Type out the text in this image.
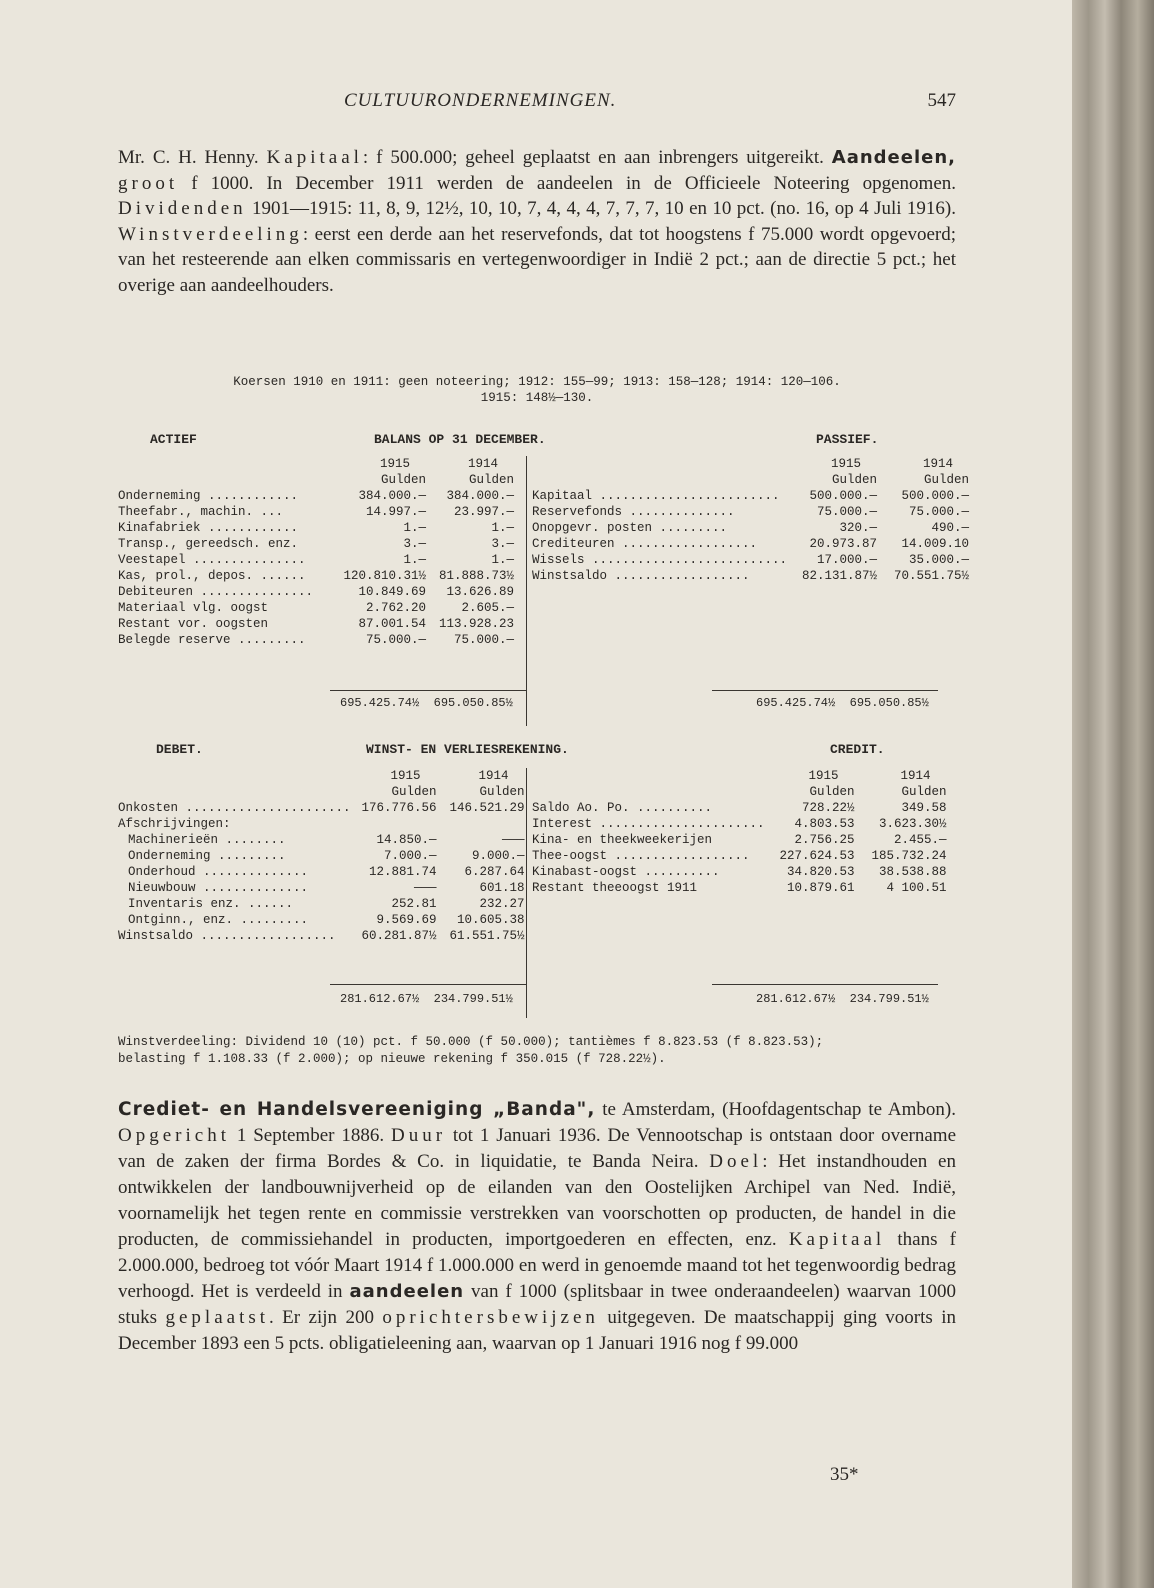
CULTUURONDERNEMINGEN.	547
Mr. C. H. Henny. Kapitaal: f 500.000; geheel geplaatst en aan inbrengers uitgereikt. Aandeelen, groot f 1000. In December 1911 werden de aandeelen in de Officieele Noteering opgenomen. Dividenden 1901—1915: 11, 8, 9, 12½, 10, 10, 7, 4, 4, 4, 7, 7, 7, 10 en 10 pct. (no. 16, op 4 Juli 1916). Winstverdeeling: eerst een derde aan het reservefonds, dat tot hoogstens f 75.000 wordt opgevoerd; van het resteerende aan elken commissaris en vertegenwoordiger in Indië 2 pct.; aan de directie 5 pct.; het overige aan aandeelhouders.
Koersen 1910 en 1911: geen noteering; 1912: 155—99; 1913: 158—128; 1914: 120—106.
1915: 148½—130.
ACTIEF	BALANS OP 31 DECEMBER.	PASSIEF.
	1915	1914
	Gulden	Gulden
Onderneming ............	384.000.—	384.000.—
Theefabr., machin. ...	14.997.—	23.997.—
Kinafabriek ............	1.—	1.—
Transp., gereedsch. enz.	3.—	3.—
Veestapel ...............	1.—	1.—
Kas, prol., depos. ......	120.810.31½	81.888.73½
Debiteuren ...............	10.849.69	13.626.89
Materiaal vlg. oogst	2.762.20	2.605.—
Restant vor. oogsten	87.001.54	113.928.23
Belegde reserve .........	75.000.—	75.000.—
	1915	1914
	Gulden	Gulden
Kapitaal ........................	500.000.—	500.000.—
Reservefonds ..............	75.000.—	75.000.—
Onopgevr. posten .........	320.—	490.—
Crediteuren ..................	20.973.87	14.009.10
Wissels ..........................	17.000.—	35.000.—
Winstsaldo ..................	82.131.87½	70.551.75½
695.425.74½ 695.050.85½	695.425.74½ 695.050.85½
DEBET.	WINST- EN VERLIESREKENING.	CREDIT.
	1915	1914
	Gulden	Gulden
Onkosten ......................	176.776.56	146.521.29
Afschrijvingen:		
Machinerieën ........	14.850.—	———
Onderneming .........	7.000.—	9.000.—
Onderhoud ..............	12.881.74	6.287.64
Nieuwbouw ..............	———	601.18
Inventaris enz. ......	252.81	232.27
Ontginn., enz. .........	9.569.69	10.605.38
Winstsaldo ..................	60.281.87½	61.551.75½
	1915	1914
	Gulden	Gulden
Saldo Ao. Po. ..........	728.22½	349.58
Interest ......................	4.803.53	3.623.30½
Kina- en theekweekerijen	2.756.25	2.455.—
Thee-oogst ..................	227.624.53	185.732.24
Kinabast-oogst ..........	34.820.53	38.538.88
Restant theeoogst 1911	10.879.61	4 100.51
281.612.67½ 234.799.51½	281.612.67½ 234.799.51½
Winstverdeeling: Dividend 10 (10) pct. f 50.000 (f 50.000); tantièmes f 8.823.53 (f 8.823.53);
belasting f 1.108.33 (f 2.000); op nieuwe rekening f 350.015 (f 728.22½).
Crediet- en Handelsvereeniging „Banda", te Amsterdam, (Hoofdagentschap te Ambon). Opgericht 1 September 1886. Duur tot 1 Januari 1936. De Vennootschap is ontstaan door overname van de zaken der firma Bordes & Co. in liquidatie, te Banda Neira. Doel: Het instandhouden en ontwikkelen der landbouwnijverheid op de eilanden van den Oostelijken Archipel van Ned. Indië, voornamelijk het tegen rente en commissie verstrekken van voorschotten op producten, de handel in die producten, de commissiehandel in producten, importgoederen en effecten, enz. Kapitaal thans f 2.000.000, bedroeg tot vóór Maart 1914 f 1.000.000 en werd in genoemde maand tot het tegenwoordig bedrag verhoogd. Het is verdeeld in aandeelen van f 1000 (splitsbaar in twee onderaandeelen) waarvan 1000 stuks geplaatst. Er zijn 200 oprichtersbewijzen uitgegeven. De maatschappij ging voorts in December 1893 een 5 pcts. obligatieleening aan, waarvan op 1 Januari 1916 nog f 99.000
35*
